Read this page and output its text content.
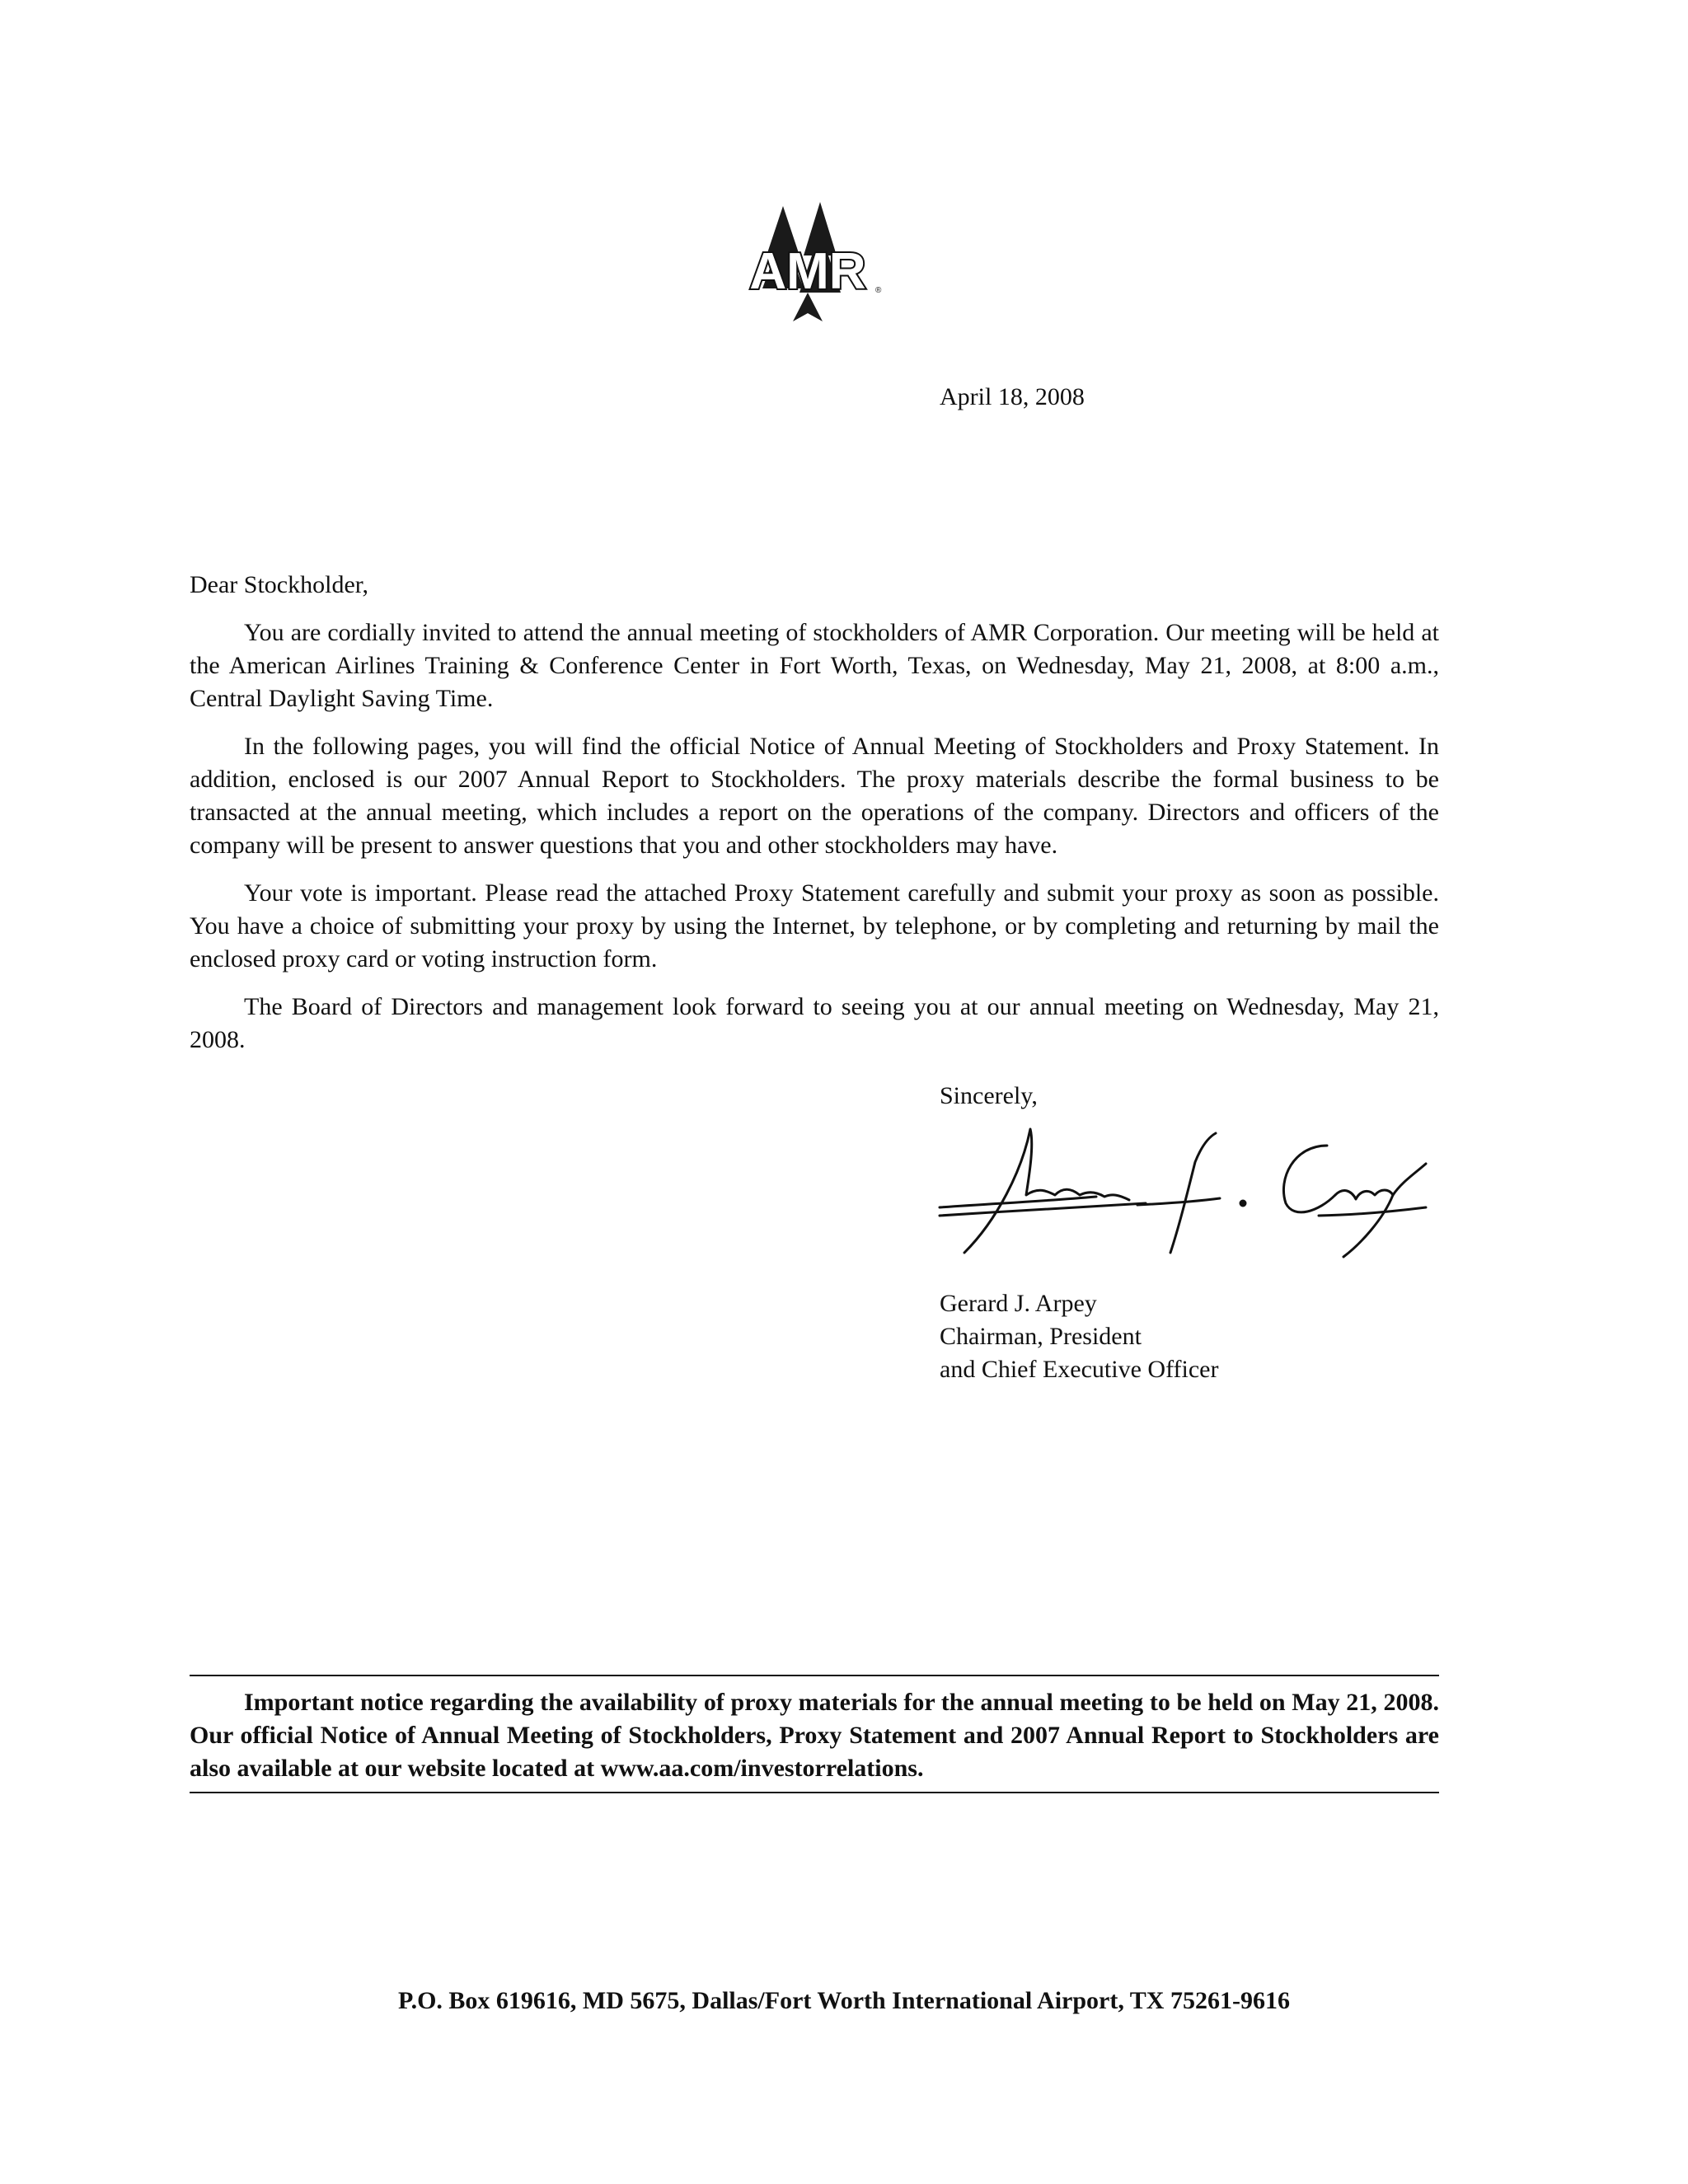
AMR ®
April 18, 2008

Dear Stockholder,

You are cordially invited to attend the annual meeting of stockholders of AMR Corporation. Our meeting will be held at the American Airlines Training & Conference Center in Fort Worth, Texas, on Wednesday, May 21, 2008, at 8:00 a.m., Central Daylight Saving Time.

In the following pages, you will find the official Notice of Annual Meeting of Stockholders and Proxy Statement. In addition, enclosed is our 2007 Annual Report to Stockholders. The proxy materials describe the formal business to be transacted at the annual meeting, which includes a report on the operations of the company. Directors and officers of the company will be present to answer questions that you and other stockholders may have.

Your vote is important. Please read the attached Proxy Statement carefully and submit your proxy as soon as possible. You have a choice of submitting your proxy by using the Internet, by telephone, or by completing and returning by mail the enclosed proxy card or voting instruction form.

The Board of Directors and management look forward to seeing you at our annual meeting on Wednesday, May 21, 2008.

Sincerely,
Gerard J. Arpey
Chairman, President
and Chief Executive Officer

Important notice regarding the availability of proxy materials for the annual meeting to be held on May 21, 2008. Our official Notice of Annual Meeting of Stockholders, Proxy Statement and 2007 Annual Report to Stockholders are also available at our website located at www.aa.com/investorrelations.

P.O. Box 619616, MD 5675, Dallas/Fort Worth International Airport, TX 75261-9616
